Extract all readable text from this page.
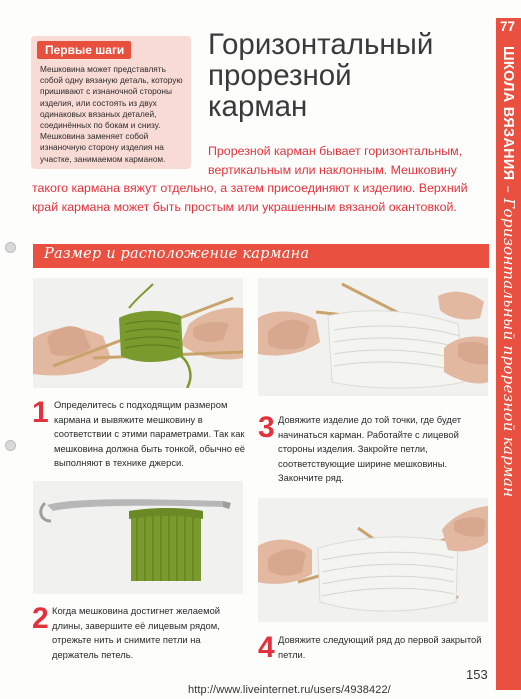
Первые шаги
Мешковина может представлять собой одну вязаную деталь, которую пришивают с изнаночной стороны изделия, или состоять из двух одинаковых вязаных деталей, соединённых по бокам и снизу. Мешковина заменяет собой изнаночную сторону изделия на участке, занимаемом карманом.
Горизонтальный
прорезной
карман
Прорезной карман бывает горизонтальным, вертикальным или наклонным. Мешковину такого кармана вяжут отдельно, а затем присоединяют к изделию. Верхний край кармана может быть простым или украшенным вязаной окантовкой.
Размер и расположение кармана
77
ШКОЛА ВЯЗАНИЯ – Горизонтальный прорезной карман
1 Определитесь с подходящим размером кармана и вывяжите мешковину в соответствии с этими параметрами. Так как мешковина должна быть тонкой, обычно её выполняют в технике джерси.
2 Когда мешковина достигнет желаемой длины, завершите её лицевым рядом, отрежьте нить и снимите петли на держатель петель.
3 Довяжите изделие до той точки, где будет начинаться карман. Работайте с лицевой стороны изделия. Закройте петли, соответствующие ширине мешковины. Закончите ряд.
4 Довяжите следующий ряд до первой закрытой петли.
153
http://www.liveinternet.ru/users/4938422/
